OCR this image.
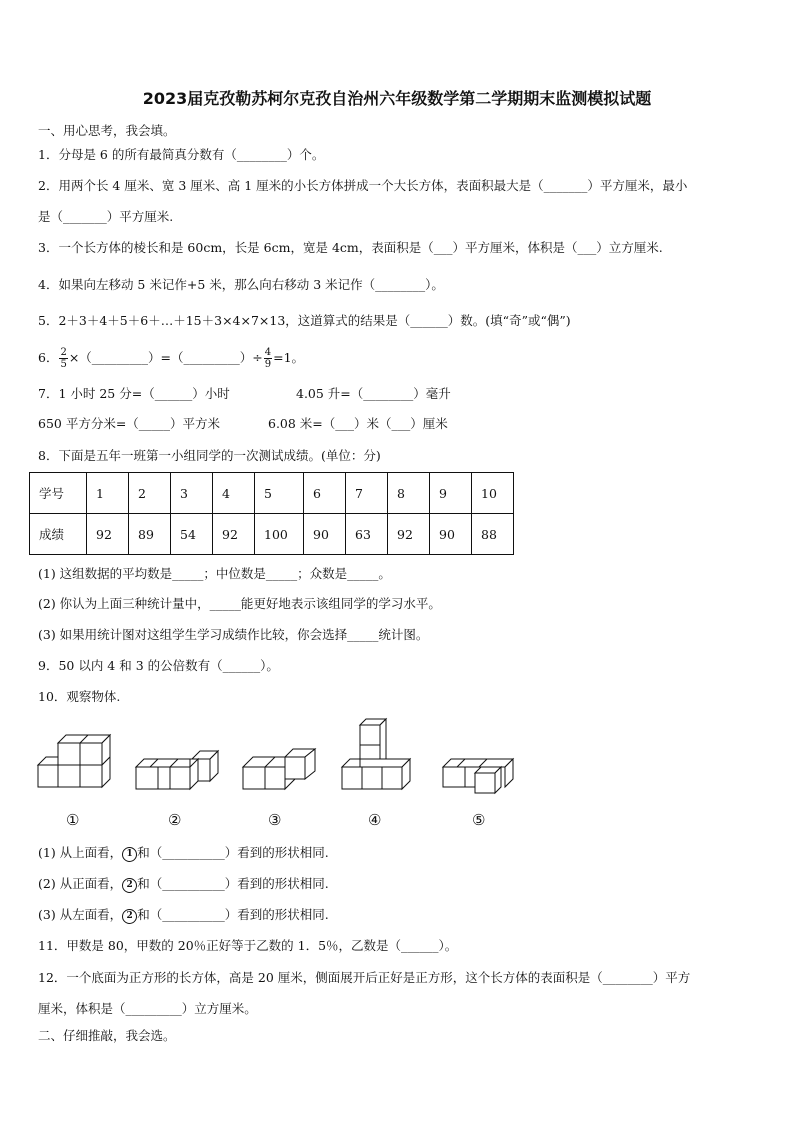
2023届克孜勒苏柯尔克孜自治州六年级数学第二学期期末监测模拟试题
一、用心思考，我会填。
1．分母是 6 的所有最简真分数有（________）个。
2．用两个长 4 厘米、宽 3 厘米、高 1 厘米的小长方体拼成一个大长方体，表面积最大是（_______）平方厘米，最小
是（_______）平方厘米.
3．一个长方体的棱长和是 60cm，长是 6cm，宽是 4cm，表面积是（___）平方厘米，体积是（___）立方厘米.
4．如果向左移动 5 米记作+5 米，那么向右移动 3 米记作（________）。
5．2＋3＋4＋5＋6＋…＋15＋3×4×7×13，这道算式的结果是（______）数。(填“奇”或“偶”)
6． $\frac{2}{5}$ ×（_________）=（_________）÷ $\frac{4}{9} =1$。
7．1 小时 25 分=（______）小时	4.05 升=（________）毫升
650 平方分米=（_____）平方米	6.08 米=（___）米（___）厘米
8．下面是五年一班第一小组同学的一次测试成绩。(单位：分)
学号	1	2	3	4	5	6	7	8	9	10
成绩	92	89	54	92	100	90	63	92	90	88
(1) 这组数据的平均数是_____；中位数是_____；众数是_____。
(2) 你认为上面三种统计量中，_____能更好地表示该组同学的学习水平。
(3) 如果用统计图对这组学生学习成绩作比较，你会选择_____统计图。
9．50 以内 4 和 3 的公倍数有（______）。
10．观察物体.
①	②	③	④	⑤
(1) 从上面看， 1 和（__________）看到的形状相同.
(2) 从正面看， 2 和（__________）看到的形状相同.
(3) 从左面看， 2 和（__________）看到的形状相同.
11．甲数是 80，甲数的 20％正好等于乙数的 1．5％，乙数是（______）。
12．一个底面为正方形的长方体，高是 20 厘米，侧面展开后正好是正方形，这个长方体的表面积是（________）平方
厘米，体积是（_________）立方厘米。
二、仔细推敲，我会选。
